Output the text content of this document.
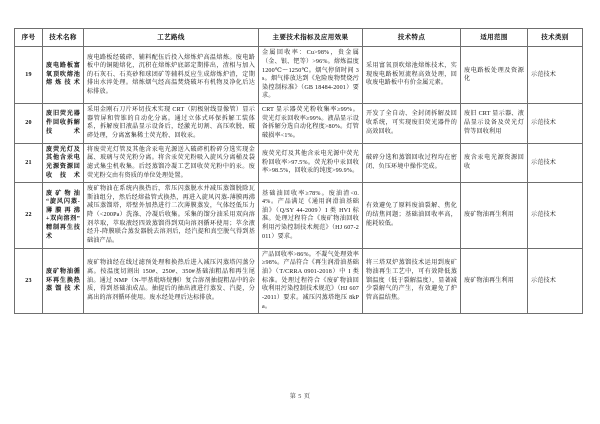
序号	技术名称	工艺路线	主要技术指标及应用效果	技术特点	适用范围	技术类别
19	废电路板富氧顶吹熔池熔炼技术	废电路板经破碎、辅料配伍后投入熔炼炉高温熔炼。废电路板中的铜随熔化，沉积在熔炼炉底部定期排出，渣相与加入的石灰石、石英砂和球团矿等辅料反应生成熔炼炉渣，定期排出水淬处理。熔炼烟气经高温焚烧破坏有机物及净化后达标排放。	金属回收率：Cu>98%，贵金属（金、银、钯等）>96%。熔炼温度 1200℃～1250℃。烟气停留时间 3s。烟气排放达到《危险废物焚烧污染控制标准》（GB 18484-2001）要求。	采用富氧顶吹熔池熔炼技术，实现废电路板短流程高效处理，回收废电路板中有价金属元素。	废电路板处理及资源化	示范技术
20	废旧荧光器件回收拆解技术	采用金刚石刀片环切技术实现 CRT（阴极射线显像管）显示器管屏和管锥的自动化分离。通过立体式环保拆解工装体系，拆解废旧液晶显示设备后，经激光切割、高压吹脱、破碎处理，分离富集稀土荧光粉、回收汞。	CRT 显示器荧光粉收集率≥99%。荧光灯汞回收率≥99%。液晶显示设备拆解分选自动化程度>80%。灯管破损率<1%。	开发了全自动、全封闭拆解及回收系统，可实现废旧荧光器件的高效回收。	废旧 CRT 显示器、液晶显示设备及荧光灯管等回收利用	示范技术
21	废荧光灯及其他含汞电光源资源回收技术	将废荧光灯管及其他含汞电光源送入破碎机粉碎分选实现金属、玻璃与荧光粉分离。将含汞荧光粉吸入旋风分离桶及袋滤式集尘机收集。后经蒸馏冷凝工艺回收荧光粉中的汞。废荧光粉交由有资质的单位处理处置。	废荧光灯及其他含汞电光源中荧光粉回收率>97.5%。荧光粉中汞回收率>98.5%，回收汞的纯度>99.9%。	破碎分选和蒸馏回收过程均在密闭、负压环境中操作完成。	废含汞电光源资源回收	示范技术
22	废矿物油“旋风闪蒸-薄膜再沸+双向溶剂”精制再生技术	废矿物油在系统内换热后，常压闪蒸脱水并减压蒸馏脱除瓦斯油组分，然后经熔盐管式换热，再进入旋风闪蒸-薄膜再沸减压蒸馏塔，塔壁外加热进行二次薄膜蒸发，气体经低压力降（<200Pa）洗涤、冷凝后收集。采集的馏分油采用双向溶剂萃取，萃取液经四效蒸馏得到双向溶剂循环使用；萃余液经升-降膜联合蒸发器脱去溶剂后，经汽提和真空脱气得到基础油产品。	基础油回收率≥78%。废油渣<0.4%。产品满足《通用润滑油基础油》（Q/SY 44-2009）I 类 HVI 标准。处理过程符合《废矿物油回收利用污染控制技术规范》（HJ 607-2011）要求。	有效避免了原料废油裂解、焦化的结焦问题；基础油回收率高，能耗较低。	废矿物油再生利用	示范技术
23	废矿物油循环再生换热蒸馏技术	废矿物油经在线过滤预处理和换热后进入减压闪蒸塔闪蒸分离。按温度切割出 150#、250#、350#基础油粗品和再生尾油。通过 NMP（N-甲基吡咯烷酮）复合溶剂抽提粗品中的杂质，得到基础油成品。抽提后的抽出液进行蒸发、汽提，分离出的溶剂循环使用。废水经处理后达标排放。	产品回收率>86%。不凝气处理效率≥98%。产品符合《再生润滑油基础油》（T/CRRA 0901-2018）中 I 类标准。处理过程符合《废矿物油回收利用污染控制技术规范》（HJ 607-2011）要求。减压闪蒸塔绝压 8kPa。	将三塔双炉蒸馏技术运用到废矿物油再生工艺中，可有效降低蒸馏温度（低于裂解温度），显著减少裂解气的产生，有效避免了炉管高温结焦。	废矿物油再生利用	示范技术
第 5 页
